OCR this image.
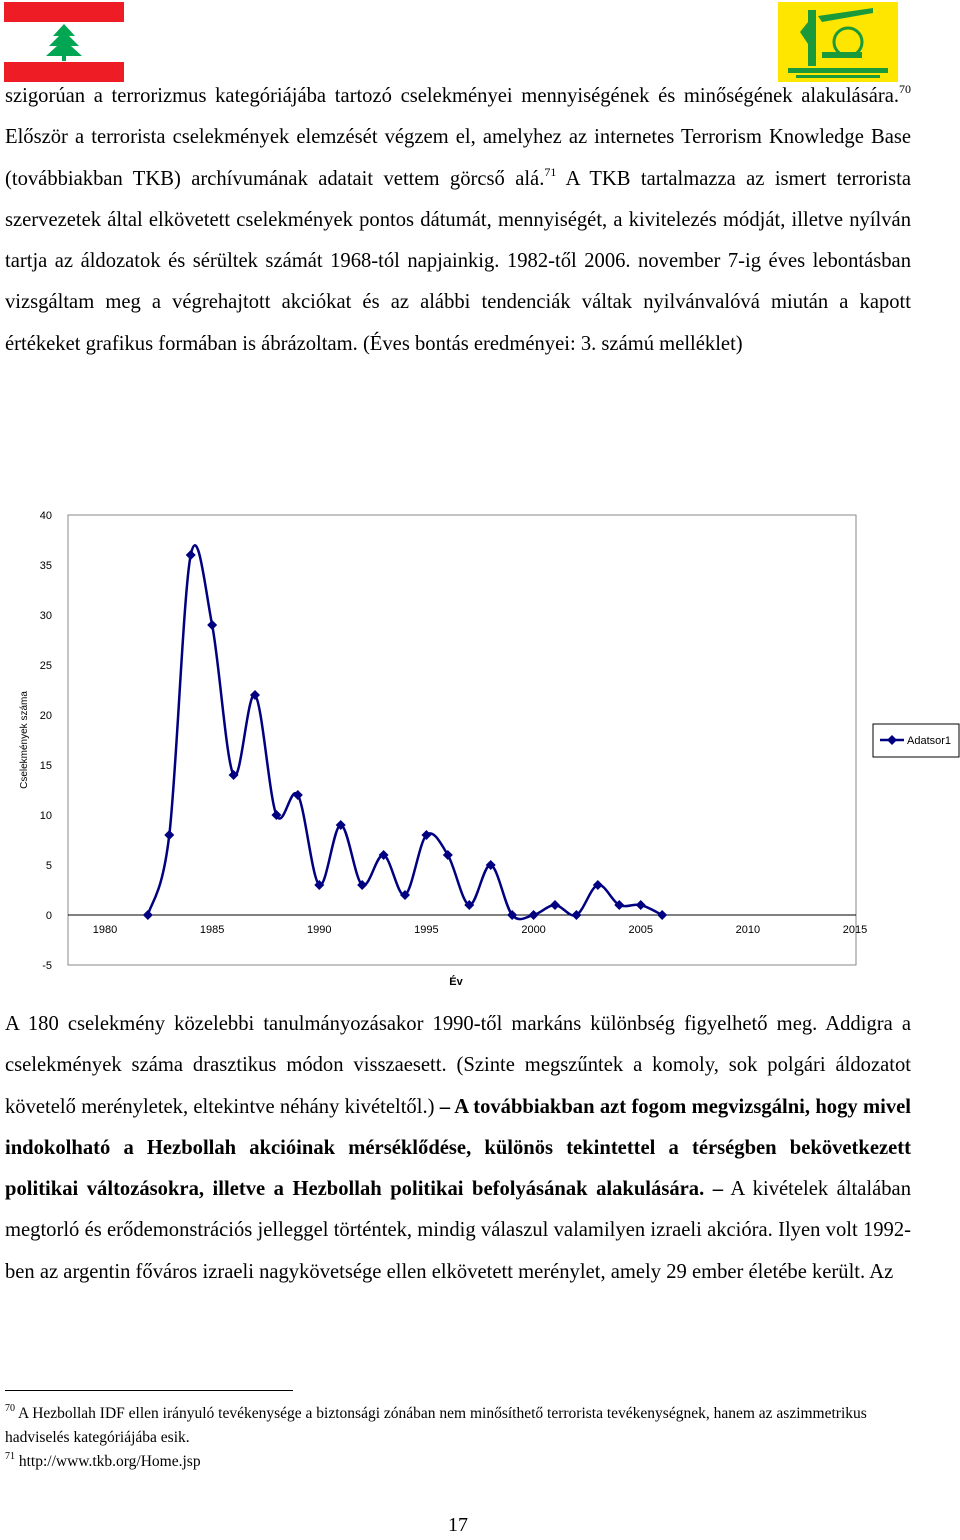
szigorúan a terrorizmus kategóriájába tartozó cselekményei mennyiségének és minőségének alakulására.$^{70}$ Először a terrorista cselekmények elemzését végzem el, amelyhez az internetes Terrorism Knowledge Base (továbbiakban TKB) archívumának adatait vettem görcső alá.$^{71}$ A TKB tartalmazza az ismert terrorista szervezetek által elkövetett cselekmények pontos dátumát, mennyiségét, a kivitelezés módját, illetve nyílván tartja az áldozatok és sérültek számát 1968-tól napjainkig. 1982-től 2006. november 7-ig éves lebontásban vizsgáltam meg a végrehajtott akciókat és az alábbi tendenciák váltak nyilvánvalóvá miután a kapott értékeket grafikus formában is ábrázoltam. (Éves bontás eredményei: 3. számú melléklet)

-5
0
5
10
15
20
25
30
35
40
1980	1985	1990	1995	2000	2005	2010	2015
Cselekmények száma
Év
Adatsor1

A 180 cselekmény közelebbi tanulmányozásakor 1990-től markáns különbség figyelhető meg. Addigra a cselekmények száma drasztikus módon visszaesett. (Szinte megszűntek a komoly, sok polgári áldozatot követelő merényletek, eltekintve néhány kivételtől.) – A továbbiakban azt fogom megvizsgálni, hogy mivel indokolható a Hezbollah akcióinak mérséklődése, különös tekintettel a térségben bekövetkezett politikai változásokra, illetve a Hezbollah politikai befolyásának alakulására. – A kivételek általában megtorló és erődemonstrációs jelleggel történtek, mindig válaszul valamilyen izraeli akcióra. Ilyen volt 1992-ben az argentin főváros izraeli nagykövetsége ellen elkövetett merénylet, amely 29 ember életébe került. Az

$^{70}$ A Hezbollah IDF ellen irányuló tevékenysége a biztonsági zónában nem minősíthető terrorista tevékenységnek, hanem az aszimmetrikus hadviselés kategóriájába esik.

$^{71}$ http://www.tkb.org/Home.jsp

17
